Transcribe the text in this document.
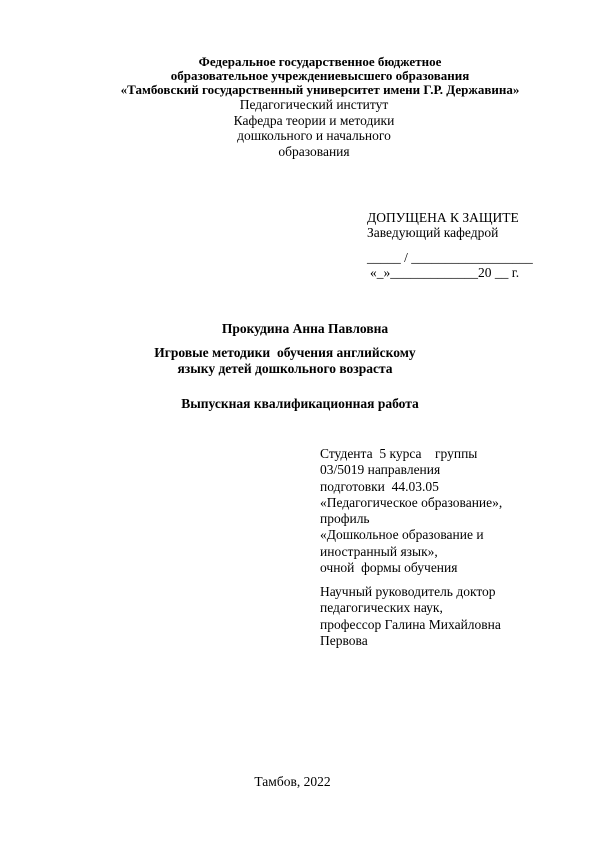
Федеральное государственное бюджетное
образовательное учреждениевысшего образования
«Тамбовский государственный университет имени Г.Р. Державина»
Педагогический институт
Кафедра теории и методики
дошкольного и начального
образования
ДОПУЩЕНА К ЗАЩИТЕ
Заведующий кафедрой
_____ / __________________
«_»_____________20 __ г.
Прокудина Анна Павловна
Игровые методики  обучения английскому
языку детей дошкольного возраста
Выпускная квалификационная работа
Студента  5 курса    группы
03/5019 направления
подготовки  44.03.05
«Педагогическое образование»,
профиль
«Дошкольное образование и
иностранный язык»,
очной  формы обучения
Научный руководитель доктор
педагогических наук,
профессор Галина Михайловна
Первова
Тамбов, 2022
